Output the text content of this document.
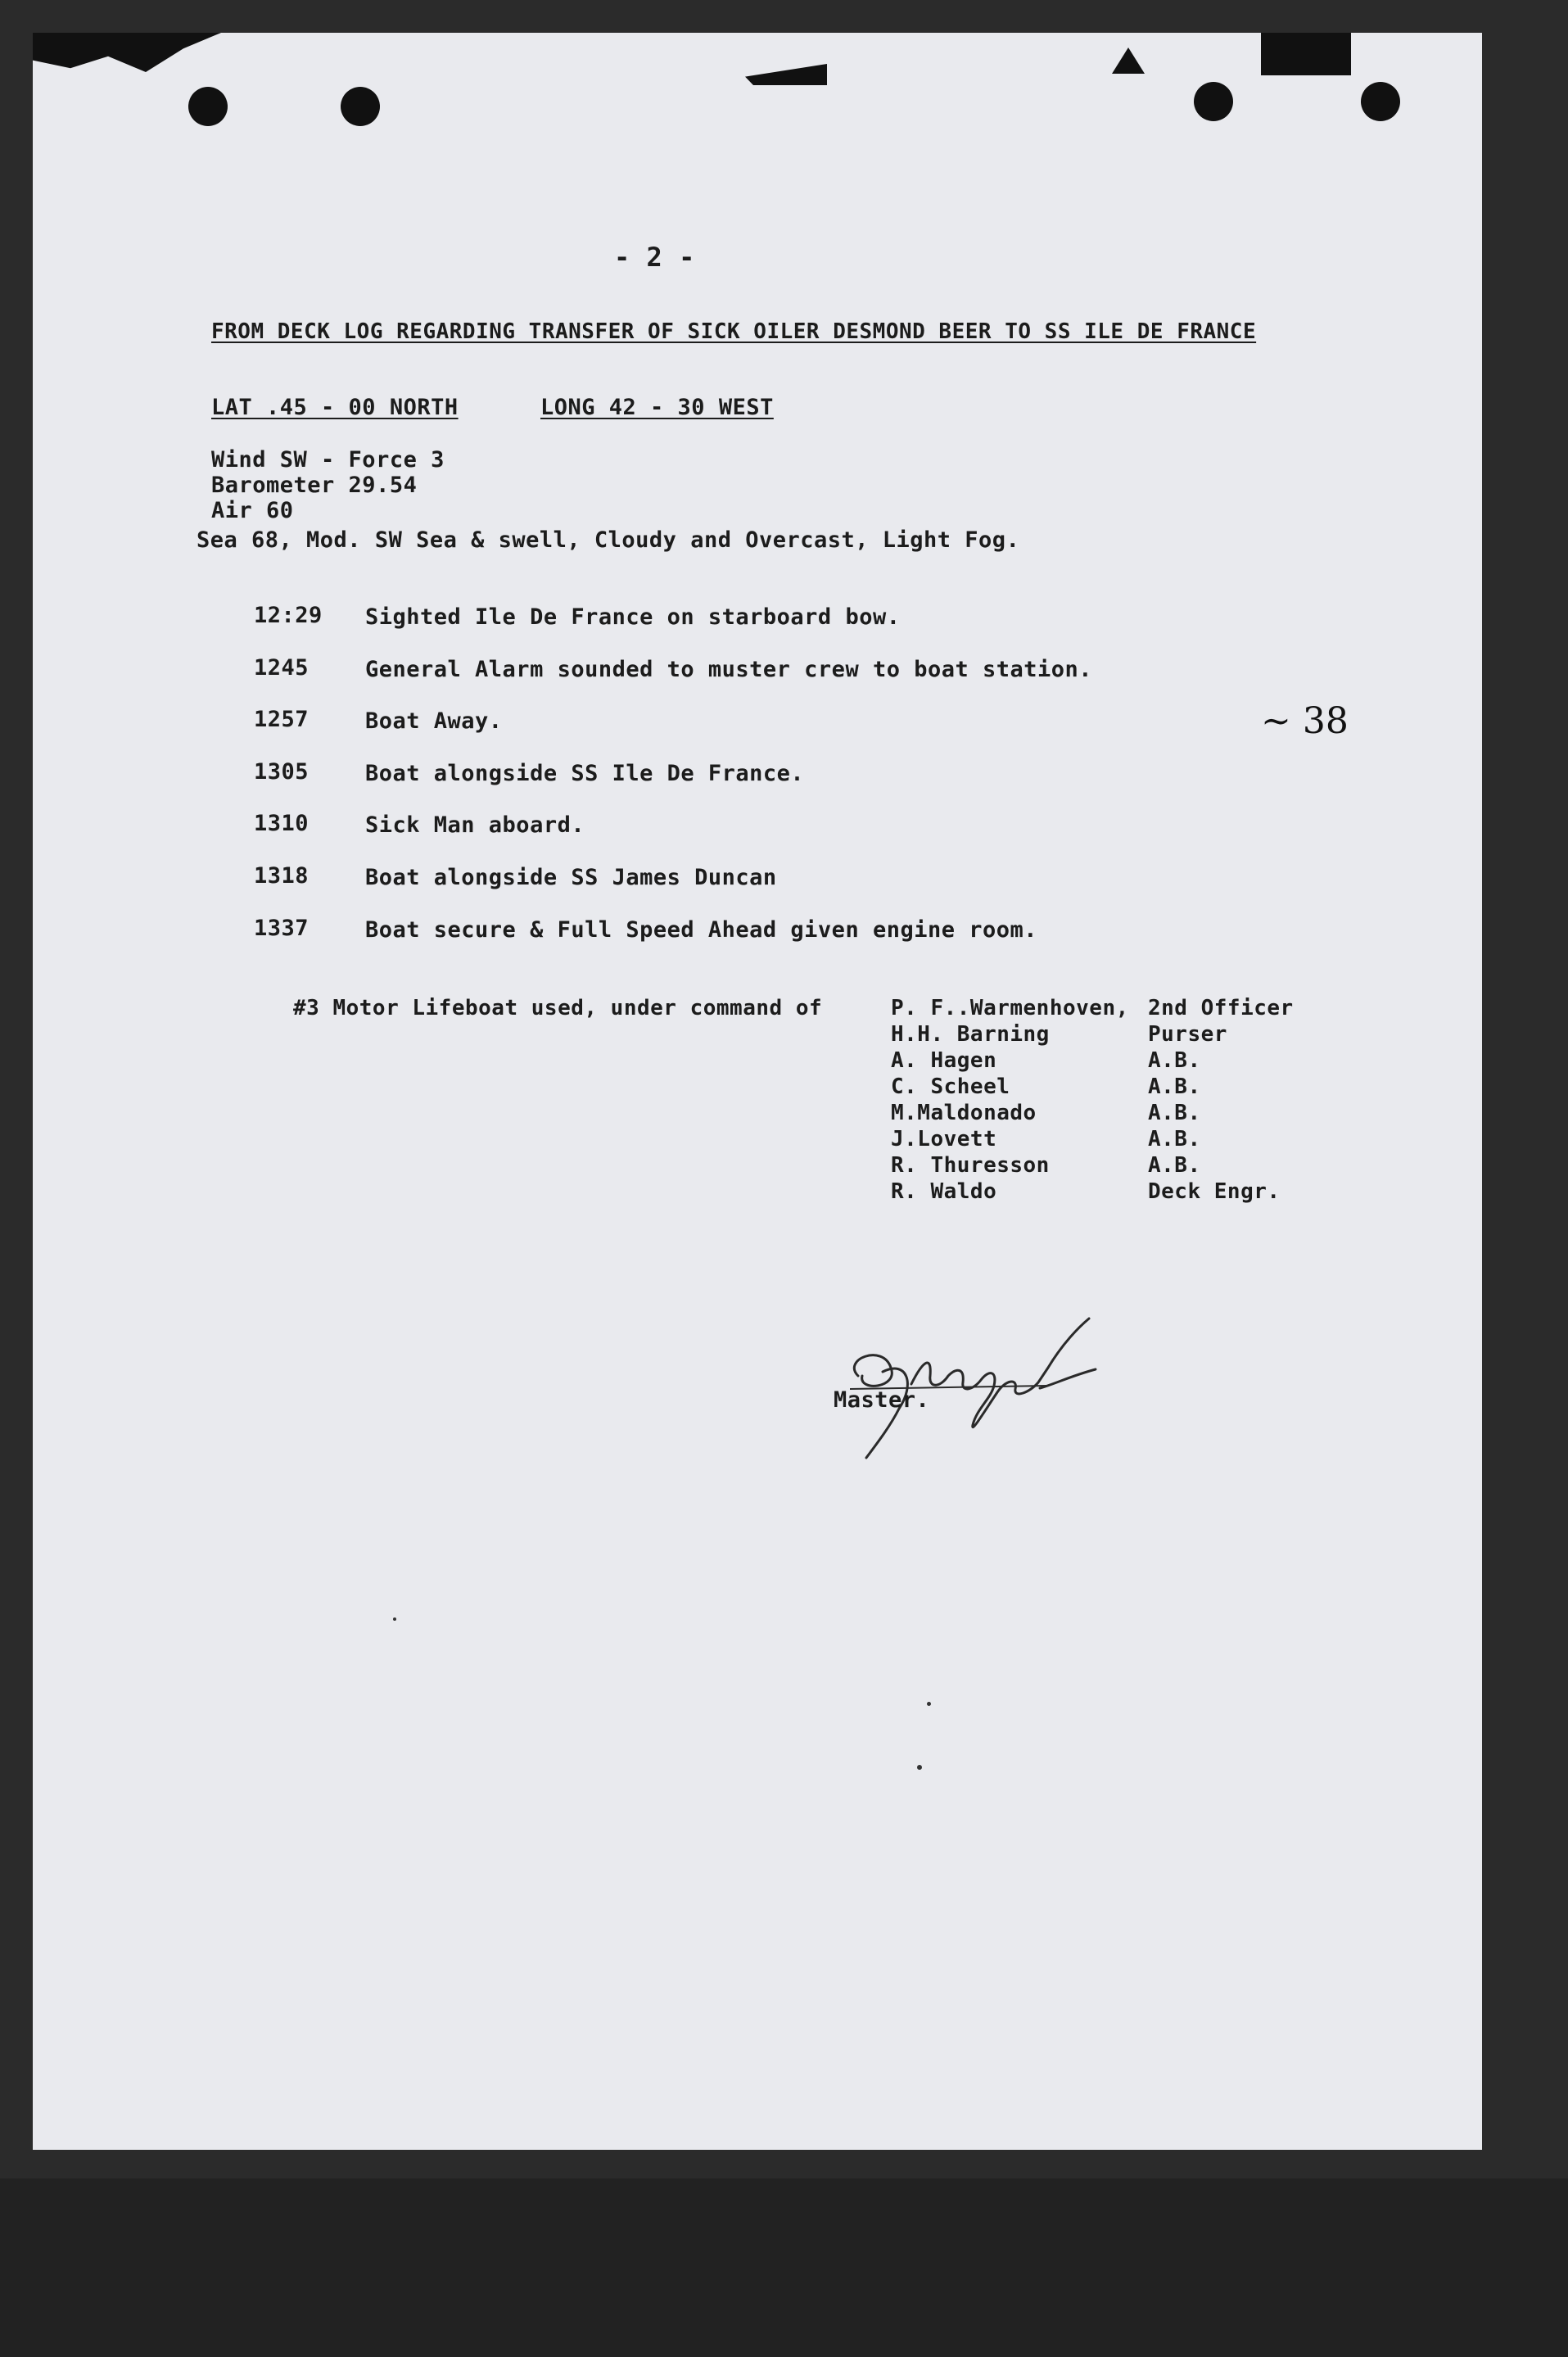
- 2 -
FROM DECK LOG REGARDING TRANSFER OF SICK OILER DESMOND BEER TO SS ILE DE FRANCE
LAT .45 - 00 NORTH	LONG 42 - 30 WEST
Wind SW - Force 3
Barometer 29.54
Air 60
Sea 68, Mod. SW Sea & swell, Cloudy and Overcast, Light Fog.
12:29 Sighted Ile De France on starboard bow.
1245	General Alarm sounded to muster crew to boat station.
1257	Boat Away.
1305	Boat alongside SS Ile De France.
1310	Sick Man aboard.
1318	Boat alongside SS James Duncan
1337	Boat secure & Full Speed Ahead given engine room.
~ 38
#3 Motor Lifeboat used, under command of	P. F..Warmenhoven, 2nd Officer
H.H. Barning	Purser
A. Hagen	A.B.
C. Scheel	A.B.
M.Maldonado	A.B.
J.Lovett	A.B.
R. Thuresson	A.B.
R. Waldo	Deck Engr.
Master.
